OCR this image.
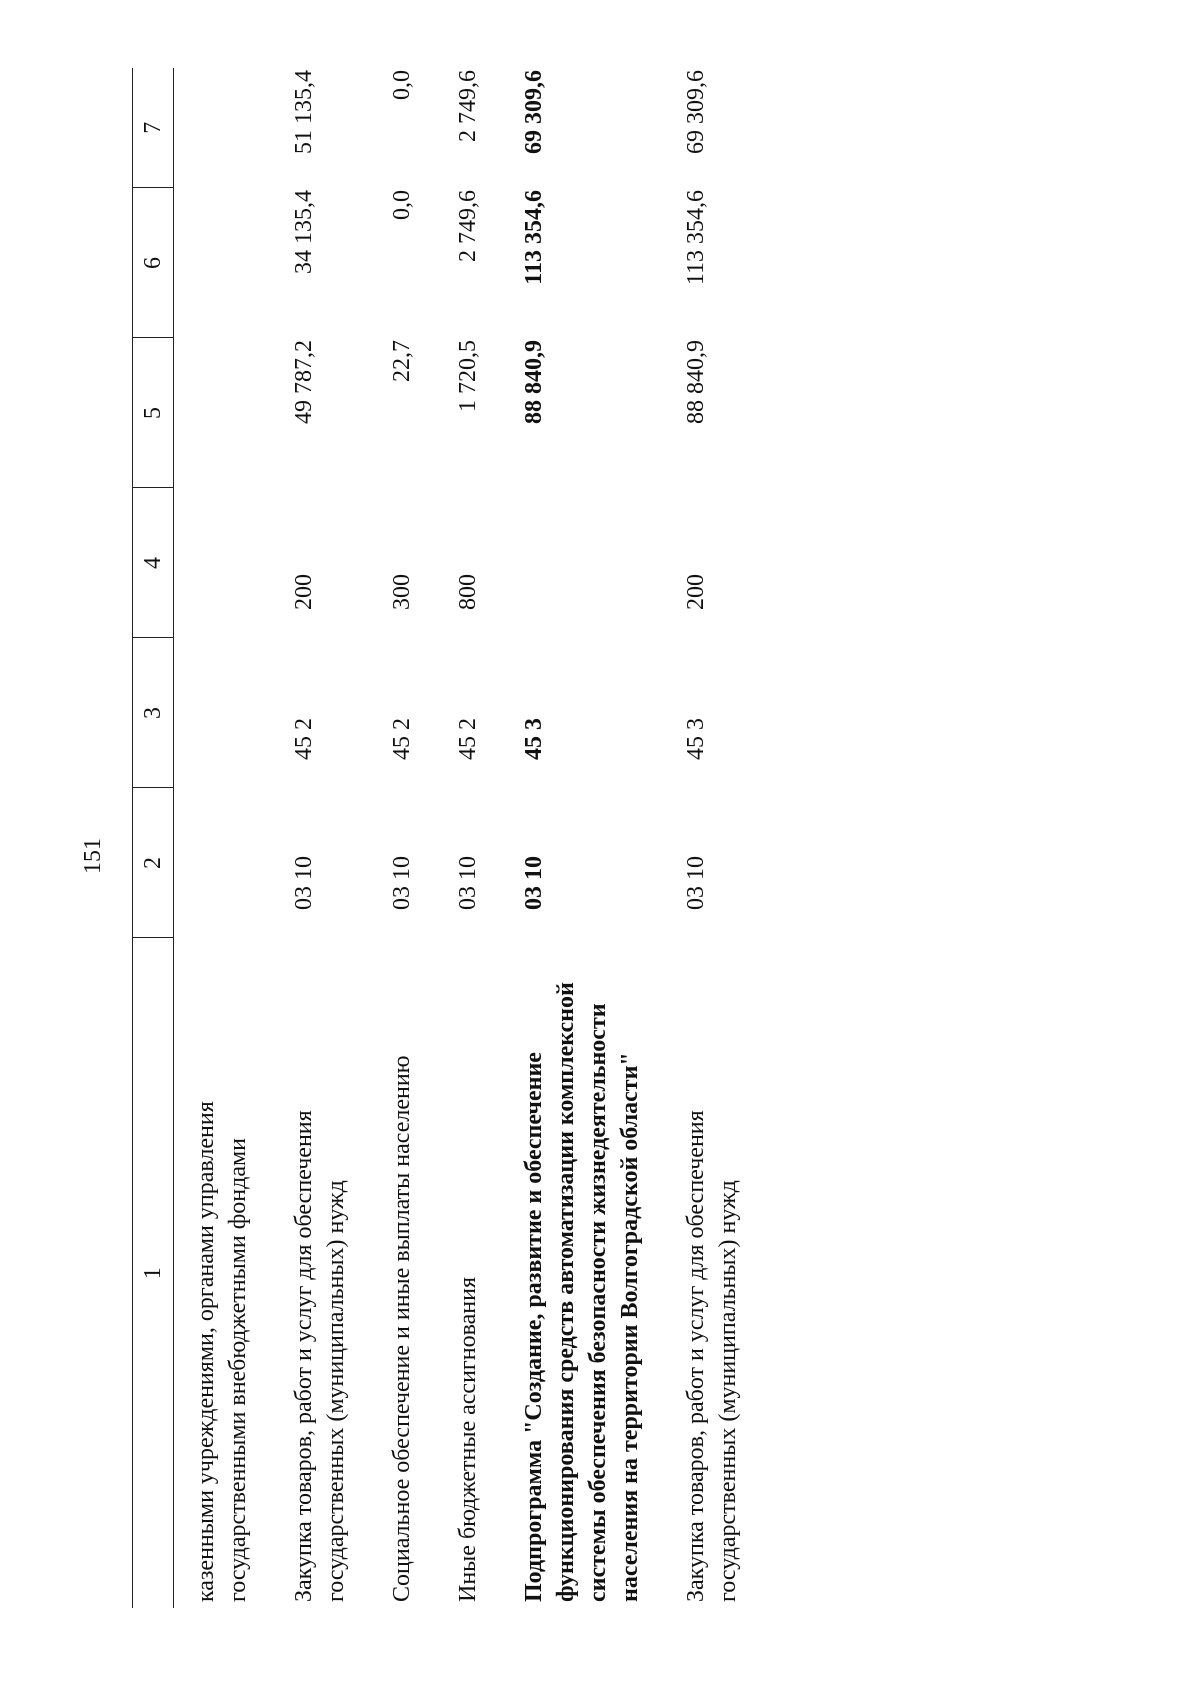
151
1	2	3	4	5	6	7

казенными учреждениями, органами управления государственными внебюджетными фондами						
Закупка товаров, работ и услуг для обеспечения государственных (муниципальных) нужд	03 10	45 2	200	49 787,2	34 135,4	51 135,4
Социальное обеспечение и иные выплаты населению	03 10	45 2	300	22,7	0,0	0,0
Иные бюджетные ассигнования	03 10	45 2	800	1 720,5	2 749,6	2 749,6
Подпрограмма "Создание, развитие и обеспечение функционирования средств автоматизации комплексной системы обеспечения безопасности жизнедеятельности населения на территории Волгоградской области"	03 10	45 3		88 840,9	113 354,6	69 309,6
Закупка товаров, работ и услуг для обеспечения государственных (муниципальных) нужд	03 10	45 3	200	88 840,9	113 354,6	69 309,6
